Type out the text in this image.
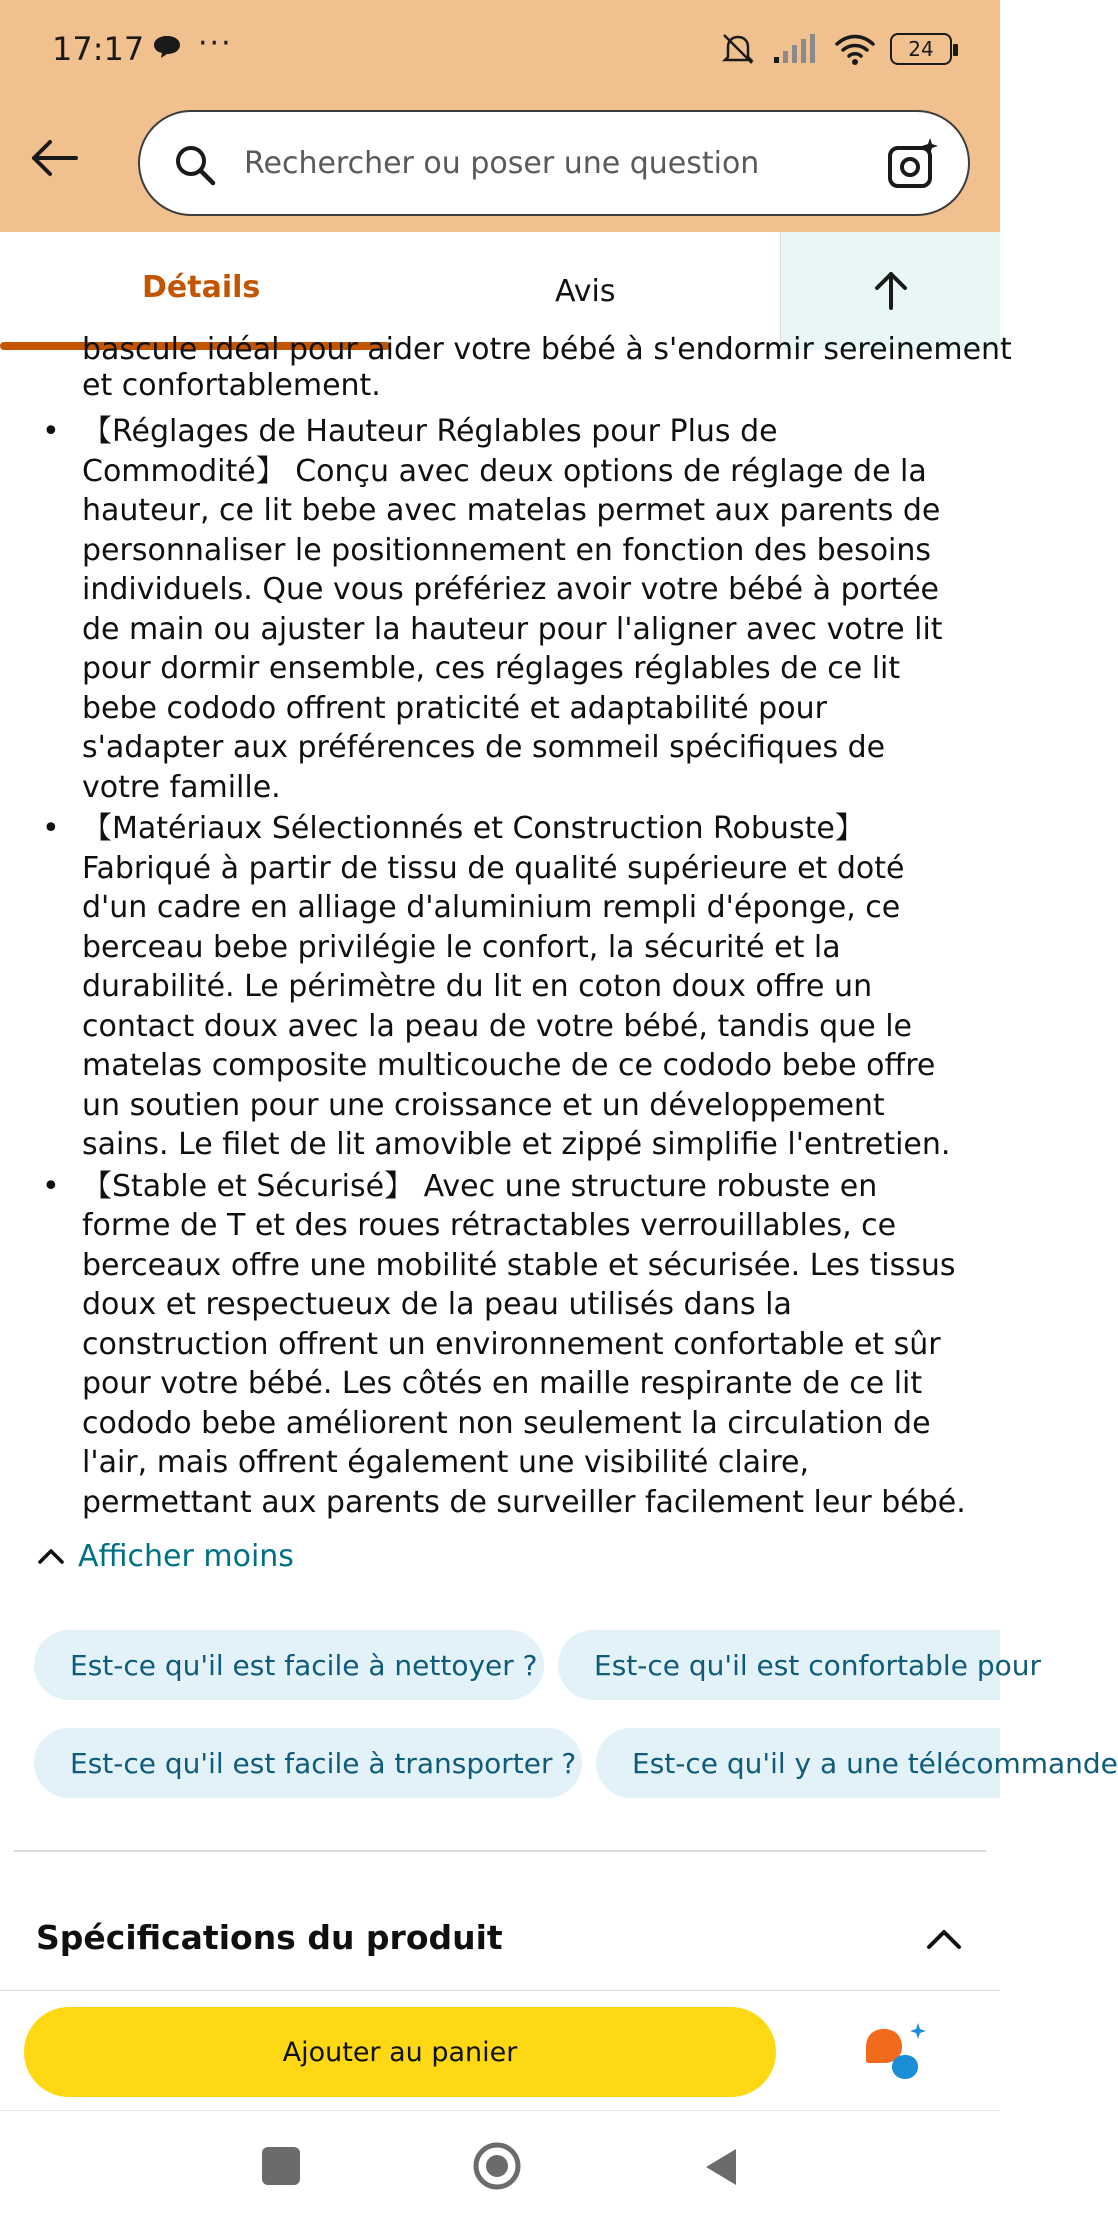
17:17 ···	24
Rechercher ou poser une question
Détails	Avis
bascule idéal pour aider votre bébé à s'endormir sereinement
et confortablement.
• 【Réglages de Hauteur Réglables pour Plus de Commodité】 Conçu avec deux options de réglage de la hauteur, ce lit bebe avec matelas permet aux parents de personnaliser le positionnement en fonction des besoins individuels. Que vous préfériez avoir votre bébé à portée de main ou ajuster la hauteur pour l'aligner avec votre lit pour dormir ensemble, ces réglages réglables de ce lit bebe cododo offrent praticité et adaptabilité pour s'adapter aux préférences de sommeil spécifiques de votre famille.
• 【Matériaux Sélectionnés et Construction Robuste】 Fabriqué à partir de tissu de qualité supérieure et doté d'un cadre en alliage d'aluminium rempli d'éponge, ce berceau bebe privilégie le confort, la sécurité et la durabilité. Le périmètre du lit en coton doux offre un contact doux avec la peau de votre bébé, tandis que le matelas composite multicouche de ce cododo bebe offre un soutien pour une croissance et un développement sains. Le filet de lit amovible et zippé simplifie l'entretien.
• 【Stable et Sécurisé】 Avec une structure robuste en forme de T et des roues rétractables verrouillables, ce berceaux offre une mobilité stable et sécurisée. Les tissus doux et respectueux de la peau utilisés dans la construction offrent un environnement confortable et sûr pour votre bébé. Les côtés en maille respirante de ce lit cododo bebe améliorent non seulement la circulation de l'air, mais offrent également une visibilité claire, permettant aux parents de surveiller facilement leur bébé.
Afficher moins
Est-ce qu'il est facile à nettoyer ?	Est-ce qu'il est confortable pour
Est-ce qu'il est facile à transporter ?	Est-ce qu'il y a une télécommande
Spécifications du produit
Ajouter au panier
